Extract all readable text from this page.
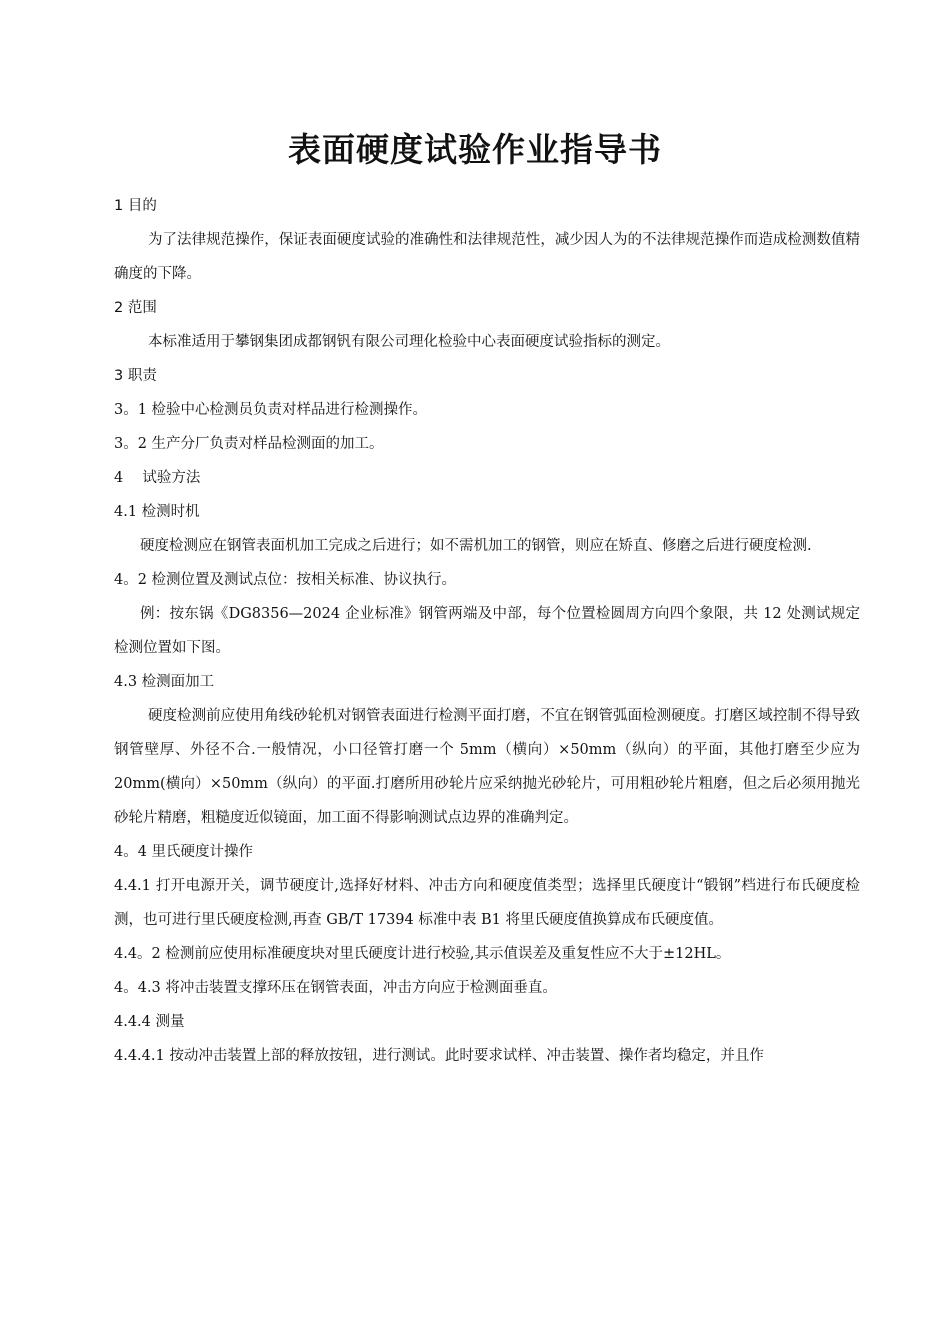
表面硬度试验作业指导书

1 目的

为了法律规范操作，保证表面硬度试验的准确性和法律规范性，减少因人为的不法律规范操作而造成检测数值精确度的下降。

2 范围

本标准适用于攀钢集团成都钢钒有限公司理化检验中心表面硬度试验指标的测定。

3 职责

3。1 检验中心检测员负责对样品进行检测操作。

3。2 生产分厂负责对样品检测面的加工。

4　 试验方法

4.1 检测时机

硬度检测应在钢管表面机加工完成之后进行；如不需机加工的钢管，则应在矫直、修磨之后进行硬度检测.

4。2 检测位置及测试点位：按相关标准、协议执行。

例：按东锅《DG8356—2024 企业标准》钢管两端及中部，每个位置检圆周方向四个象限，共 12 处测试规定检测位置如下图。

4.3 检测面加工

硬度检测前应使用角线砂轮机对钢管表面进行检测平面打磨，不宜在钢管弧面检测硬度。打磨区域控制不得导致钢管壁厚、外径不合.一般情况，小口径管打磨一个 5mm（横向）×50mm（纵向）的平面，其他打磨至少应为 20mm(横向）×50mm（纵向）的平面.打磨所用砂轮片应采纳抛光砂轮片，可用粗砂轮片粗磨，但之后必须用抛光砂轮片精磨，粗糙度近似镜面，加工面不得影响测试点边界的准确判定。

4。4 里氏硬度计操作

4.4.1 打开电源开关，调节硬度计,选择好材料、冲击方向和硬度值类型；选择里氏硬度计“锻钢”档进行布氏硬度检测，也可进行里氏硬度检测,再查 GB/T 17394 标准中表 B1 将里氏硬度值换算成布氏硬度值。

4.4。2 检测前应使用标准硬度块对里氏硬度计进行校验,其示值误差及重复性应不大于±12HL。

4。4.3 将冲击装置支撑环压在钢管表面，冲击方向应于检测面垂直。

4.4.4 测量

4.4.4.1 按动冲击装置上部的释放按钮，进行测试。此时要求试样、冲击装置、操作者均稳定，并且作
